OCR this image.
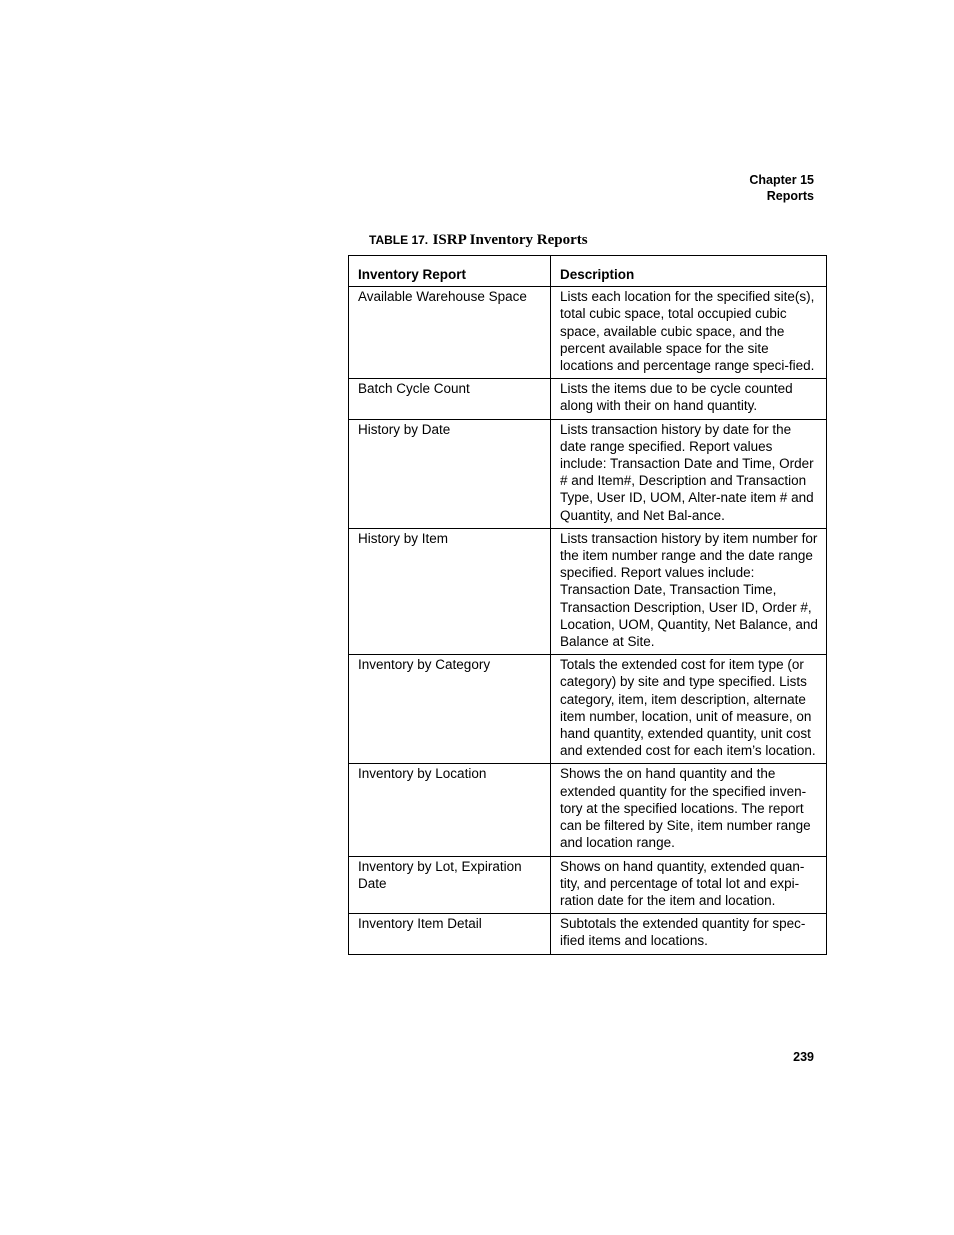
Chapter 15
Reports
TABLE 17. ISRP Inventory Reports
Inventory Report	Description
Available Warehouse Space	Lists each location for the specified site(s), total cubic space, total occupied cubic space, available cubic space, and the percent available space for the site locations and percentage range speci-fied.
Batch Cycle Count	Lists the items due to be cycle counted along with their on hand quantity.
History by Date	Lists transaction history by date for the date range specified. Report values include: Transaction Date and Time, Order # and Item#, Description and Transaction Type, User ID, UOM, Alter-nate item # and Quantity, and Net Bal-ance.
History by Item	Lists transaction history by item number for the item number range and the date range specified. Report values include: Transaction Date, Transaction Time, Transaction Description, User ID, Order #, Location, UOM, Quantity, Net Balance, and Balance at Site.
Inventory by Category	Totals the extended cost for item type (or category) by site and type specified. Lists category, item, item description, alternate item number, location, unit of measure, on hand quantity, extended quantity, unit cost and extended cost for each item’s location.
Inventory by Location	Shows the on hand quantity and the extended quantity for the specified inven-tory at the specified locations. The report can be filtered by Site, item number range and location range.
Inventory by Lot, Expiration Date	Shows on hand quantity, extended quan-tity, and percentage of total lot and expi-ration date for the item and location.
Inventory Item Detail	Subtotals the extended quantity for spec-ified items and locations.
239
